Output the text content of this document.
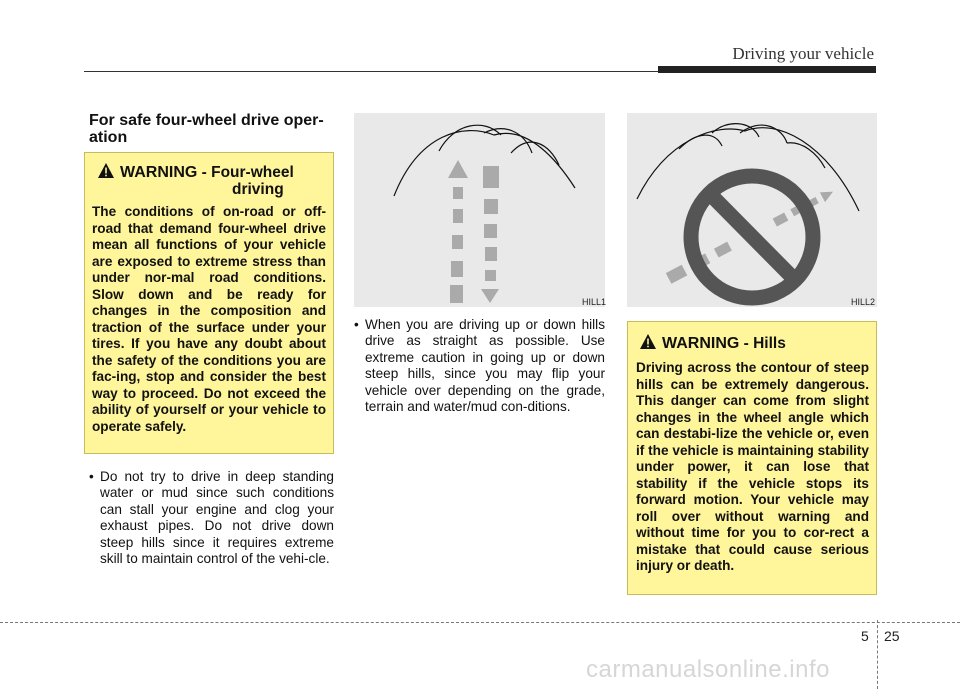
Driving your vehicle
For safe four-wheel drive oper-ation
WARNING - Four-wheel
driving
The conditions of on-road or off-road that demand four-wheel drive mean all functions of your vehicle are exposed to extreme stress than under nor-mal road conditions. Slow down and be ready for changes in the composition and traction of the surface under your tires. If you have any doubt about the safety of the conditions you are fac-ing, stop and consider the best way to proceed. Do not exceed the ability of yourself or your vehicle to operate safely.
• Do not try to drive in deep standing water or mud since such conditions can stall your engine and clog your exhaust pipes. Do not drive down steep hills since it requires extreme skill to maintain control of the vehi-cle.
HILL1
• When you are driving up or down hills drive as straight as possible. Use extreme caution in going up or down steep hills, since you may flip your vehicle over depending on the grade, terrain and water/mud con-ditions.
HILL2
WARNING - Hills
Driving across the contour of steep hills can be extremely dangerous. This danger can come from slight changes in the wheel angle which can destabi-lize the vehicle or, even if the vehicle is maintaining stability under power, it can lose that stability if the vehicle stops its forward motion. Your vehicle may roll over without warning and without time for you to cor-rect a mistake that could cause serious injury or death.
5 25
carmanualsonline.info
